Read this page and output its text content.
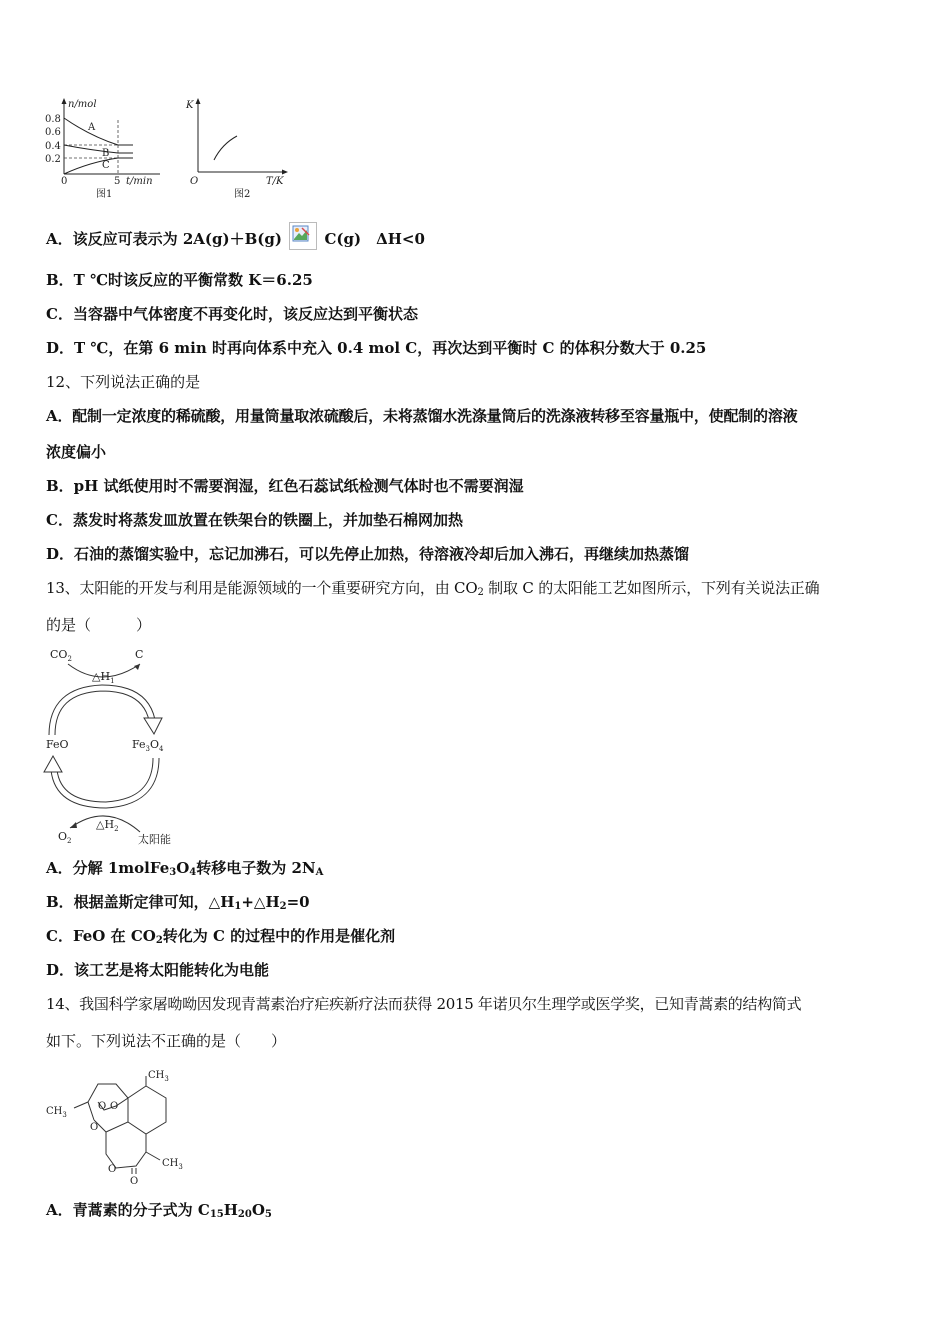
n/mol
0.8
0.6
0.4
0.2
A
B
C
0	5 t/min
图1
K
O	T/K
图2
A．该反应可表示为 2A(g)＋B(g)	C(g)　ΔH<0
B．T ℃时该反应的平衡常数 K＝6.25
C．当容器中气体密度不再变化时，该反应达到平衡状态
D．T ℃，在第 6 min 时再向体系中充入 0.4 mol C，再次达到平衡时 C 的体积分数大于 0.25
12、下列说法正确的是
A．配制一定浓度的稀硫酸，用量筒量取浓硫酸后，未将蒸馏水洗涤量筒后的洗涤液转移至容量瓶中，使配制的溶液
浓度偏小
B．pH 试纸使用时不需要润湿，红色石蕊试纸检测气体时也不需要润湿
C．蒸发时将蒸发皿放置在铁架台的铁圈上，并加垫石棉网加热
D．石油的蒸馏实验中，忘记加沸石，可以先停止加热，待溶液冷却后加入沸石，再继续加热蒸馏
13、太阳能的开发与利用是能源领域的一个重要研究方向，由 $CO_2$ 制取 C 的太阳能工艺如图所示，下列有关说法正确
的是（　　　）
$CO_2$	C
$\triangle H_1$
FeO	$Fe_3O_4$
$\triangle H_2$
$O_2$	太阳能
A．分解 $1molFe_3O_4$转移电子数为 $2N_A$
B．根据盖斯定律可知，$\triangle H_1+\triangle H_2=0$
C．FeO 在 $CO_2$转化为 C 的过程中的作用是催化剂
D．该工艺是将太阳能转化为电能
14、我国科学家屠呦呦因发现青蒿素治疗疟疾新疗法而获得 2015 年诺贝尔生理学或医学奖，已知青蒿素的结构简式
如下。下列说法不正确的是（　　）
$CH_3$
$CH_3$
$CH_3$
O O
O
O
O
A．青蒿素的分子式为 $C_{15}H_{20}O_5$
